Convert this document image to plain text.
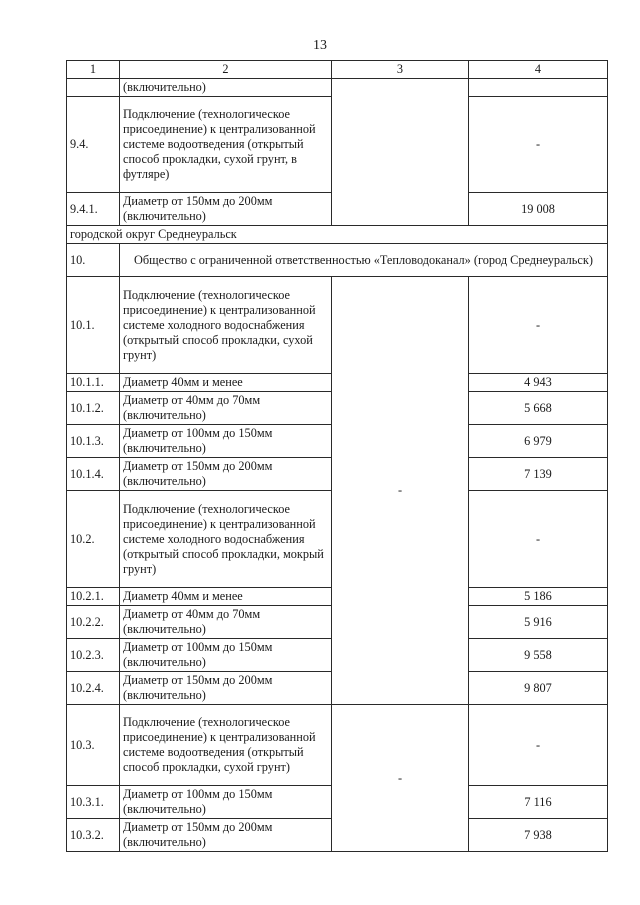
13
1	2	3	4
	(включительно)		
9.4.	Подключение (технологическое присоединение) к централизованной системе водоотведения (открытый способ прокладки, сухой грунт, в футляре)		-
9.4.1.	Диаметр от 150мм до 200мм (включительно)		19 008
городской округ Среднеуральск			
10.	Общество с ограниченной ответственностью «Тепловодоканал» (город Среднеуральск)		
10.1.	Подключение (технологическое присоединение) к централизованной системе холодного водоснабжения (открытый способ прокладки, сухой грунт)	-	-
10.1.1.	Диаметр 40мм и менее		4 943
10.1.2.	Диаметр от 40мм до 70мм (включительно)		5 668
10.1.3.	Диаметр от 100мм до 150мм (включительно)		6 979
10.1.4.	Диаметр от 150мм до 200мм (включительно)		7 139
10.2.	Подключение (технологическое присоединение) к централизованной системе холодного водоснабжения (открытый способ прокладки, мокрый грунт)		-
10.2.1.	Диаметр 40мм и менее		5 186
10.2.2.	Диаметр от 40мм до 70мм (включительно)		5 916
10.2.3.	Диаметр от 100мм до 150мм (включительно)		9 558
10.2.4.	Диаметр от 150мм до 200мм (включительно)		9 807
10.3.	Подключение (технологическое присоединение) к централизованной системе водоотведения (открытый способ прокладки, сухой грунт)	-	-
10.3.1.	Диаметр от 100мм до 150мм (включительно)		7 116
10.3.2.	Диаметр от 150мм до 200мм (включительно)		7 938
